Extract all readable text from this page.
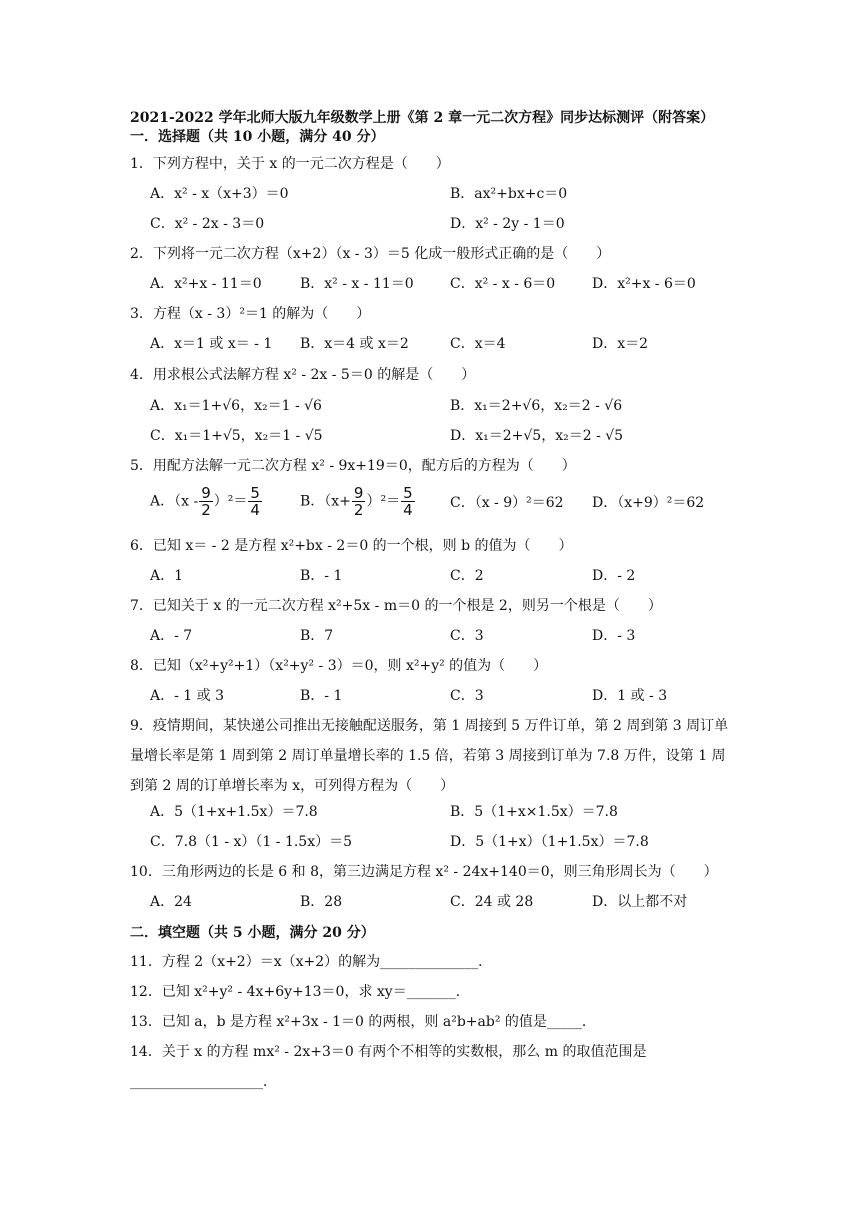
2021-2022 学年北师大版九年级数学上册《第 2 章一元二次方程》同步达标测评（附答案）
一．选择题（共 10 小题，满分 40 分）
1．下列方程中，关于 x 的一元二次方程是（　　）
A．x² - x（x+3）＝0	B．ax²+bx+c＝0
C．x² - 2x - 3＝0	D．x² - 2y - 1＝0
2．下列将一元二次方程（x+2）（x - 3）＝5 化成一般形式正确的是（　　）
A．x²+x - 11＝0	B．x² - x - 11＝0	C．x² - x - 6＝0	D．x²+x - 6＝0
3．方程（x - 3）²＝1 的解为（　　）
A．x＝1 或 x＝ - 1 B．x＝4 或 x＝2	C．x＝4	D．x＝2
4．用求根公式法解方程 x² - 2x - 5＝0 的解是（　　）
A．x₁＝1+√6，x₂＝1 - √6	B．x₁＝2+√6，x₂＝2 - √6
C．x₁＝1+√5，x₂＝1 - √5	D．x₁＝2+√5，x₂＝2 - √5
5．用配方法解一元二次方程 x² - 9x+19＝0，配方后的方程为（　　）
A．$(x - \frac{9}{2} )^2= \frac{5}{4}$	B．$(x+ \frac{9}{2} )^2= \frac{5}{4}$	C．（x - 9）²＝62 D．（x+9）²＝62
6．已知 x＝ - 2 是方程 x²+bx - 2＝0 的一个根，则 b 的值为（　　）
A．1	B．- 1	C．2	D．- 2
7．已知关于 x 的一元二次方程 x²+5x - m＝0 的一个根是 2，则另一个根是（　　）
A．- 7	B．7	C．3	D．- 3
8．已知（x²+y²+1）（x²+y² - 3）＝0，则 x²+y² 的值为（　　）
A．- 1 或 3	B．- 1	C．3	D．1 或 - 3
9．疫情期间，某快递公司推出无接触配送服务，第 1 周接到 5 万件订单，第 2 周到第 3 周订单量增长率是第 1 周到第 2 周订单量增长率的 1.5 倍，若第 3 周接到订单为 7.8 万件，设第 1 周到第 2 周的订单增长率为 x，可列得方程为（　　）
A．5（1+x+1.5x）＝7.8	B．5（1+x×1.5x）＝7.8
C．7.8（1 - x）（1 - 1.5x）＝5	D．5（1+x）（1+1.5x）＝7.8
10．三角形两边的长是 6 和 8，第三边满足方程 x² - 24x+140＝0，则三角形周长为（　　）
A．24	B．28	C．24 或 28	D．以上都不对
二．填空题（共 5 小题，满分 20 分）
11．方程 2（x+2）＝x（x+2）的解为______________．
12．已知 x²+y² - 4x+6y+13＝0，求 xy＝_______．
13．已知 a，b 是方程 x²+3x - 1＝0 的两根，则 a²b+ab² 的值是_____．
14．关于 x 的方程 mx² - 2x+3＝0 有两个不相等的实数根，那么 m 的取值范围是 ___________________．
